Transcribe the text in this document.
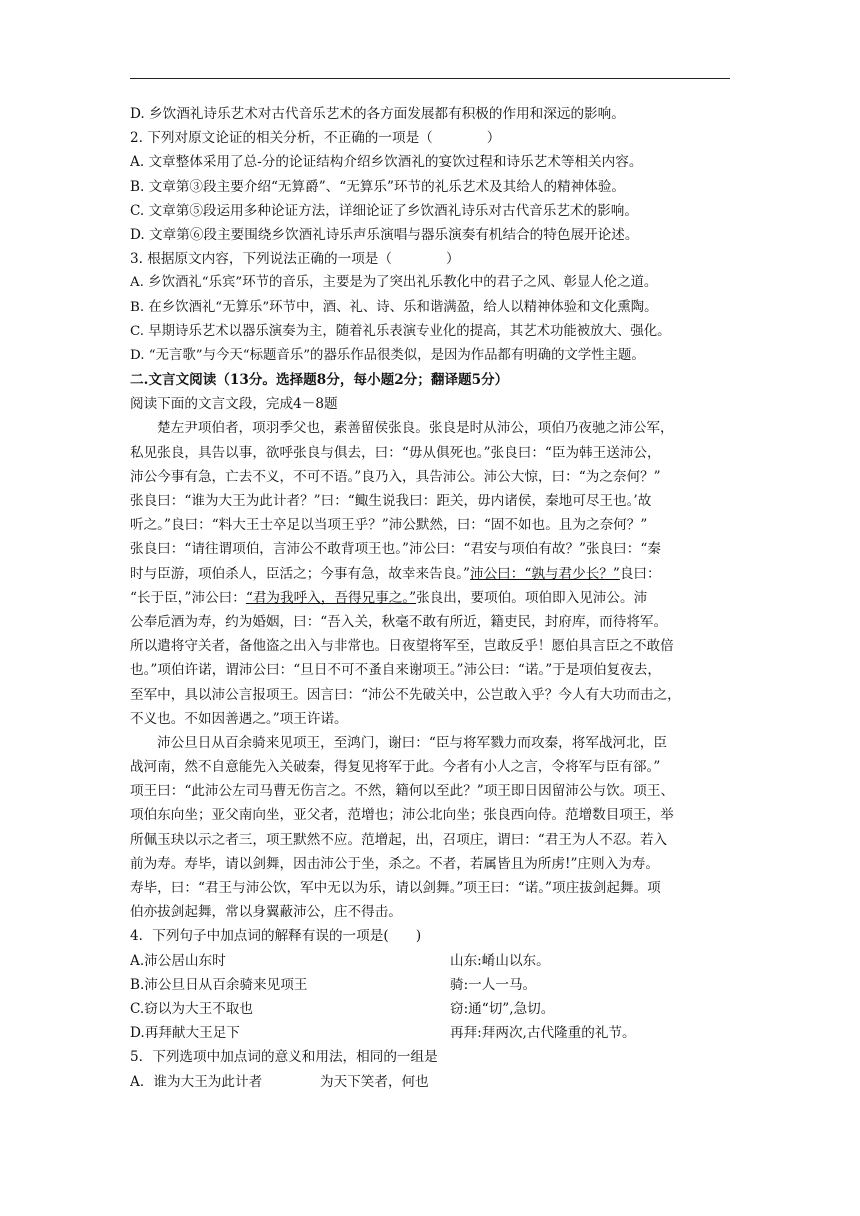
D. 乡饮酒礼诗乐艺术对古代音乐艺术的各方面发展都有积极的作用和深远的影响。
2. 下列对原文论证的相关分析，不正确的一项是（	）
A. 文章整体采用了总-分的论证结构介绍乡饮酒礼的宴饮过程和诗乐艺术等相关内容。
B. 文章第③段主要介绍“无算爵”、“无算乐”环节的礼乐艺术及其给人的精神体验。
C. 文章第⑤段运用多种论证方法，详细论证了乡饮酒礼诗乐对古代音乐艺术的影响。
D. 文章第⑥段主要围绕乡饮酒礼诗乐声乐演唱与器乐演奏有机结合的特色展开论述。
3. 根据原文内容，下列说法正确的一项是（	）
A. 乡饮酒礼“乐宾”环节的音乐，主要是为了突出礼乐教化中的君子之风、彰显人伦之道。
B. 在乡饮酒礼“无算乐”环节中，酒、礼、诗、乐和谐满盈，给人以精神体验和文化熏陶。
C. 早期诗乐艺术以器乐演奏为主，随着礼乐表演专业化的提高，其艺术功能被放大、强化。
D. “无言歌”与今天“标题音乐”的器乐作品很类似，是因为作品都有明确的文学性主题。
二.文言文阅读（13分。选择题8分，每小题2分；翻译题5分）
阅读下面的文言文段，完成4－8题
楚左尹项伯者，项羽季父也，素善留侯张良。张良是时从沛公，项伯乃夜驰之沛公军，
私见张良，具告以事，欲呼张良与俱去，曰：“毋从俱死也。”张良曰：“臣为韩王送沛公，
沛公今事有急，亡去不义，不可不语。”良乃入，具告沛公。沛公大惊，曰：“为之奈何？”
张良曰：“谁为大王为此计者？”曰：“鲰生说我曰：距关，毋内诸侯，秦地可尽王也。’故
听之。”良曰：“料大王士卒足以当项王乎？”沛公默然，曰：“固不如也。且为之奈何？”
张良曰：“请往谓项伯，言沛公不敢背项王也。”沛公曰：“君安与项伯有故？”张良曰：“秦
时与臣游，项伯杀人，臣活之；今事有急，故幸来告良。”沛公曰：“孰与君少长？”良曰：
“长于臣，”沛公曰：“君为我呼入，吾得兄事之。”张良出，要项伯。项伯即入见沛公。沛
公奉卮酒为寿，约为婚姻，曰：“吾入关，秋毫不敢有所近，籍吏民，封府库，而待将军。
所以遣将守关者，备他盗之出入与非常也。日夜望将军至，岂敢反乎！愿伯具言臣之不敢倍
也。”项伯许诺，谓沛公曰：“旦日不可不蚤自来谢项王。”沛公曰：“诺。”于是项伯复夜去，
至军中，具以沛公言报项王。因言曰：“沛公不先破关中，公岂敢入乎？今人有大功而击之，
不义也。不如因善遇之。”项王许诺。
沛公旦日从百余骑来见项王，至鸿门，谢曰：“臣与将军戮力而攻秦，将军战河北，臣
战河南，然不自意能先入关破秦，得复见将军于此。今者有小人之言，令将军与臣有郤。”
项王曰：“此沛公左司马曹无伤言之。不然，籍何以至此？”项王即日因留沛公与饮。项王、
项伯东向坐；亚父南向坐，亚父者，范增也；沛公北向坐；张良西向侍。范增数目项王，举
所佩玉玦以示之者三，项王默然不应。范增起，出，召项庄，谓曰：“君王为人不忍。若入
前为寿。寿毕，请以剑舞，因击沛公于坐，杀之。不者，若属皆且为所虏!”庄则入为寿。
寿毕，曰：“君王与沛公饮，军中无以为乐，请以剑舞。”项王曰：“诺。”项庄拔剑起舞。项
伯亦拔剑起舞，常以身翼蔽沛公，庄不得击。
4．下列句子中加点词的解释有误的一项是(　　)
A.沛公居山东时	山东:崤山以东。
B.沛公旦日从百余骑来见项王	骑:一人一马。
C.窃以为大王不取也	窃:通“切”,急切。
D.再拜献大王足下	再拜:拜两次,古代隆重的礼节。
5．下列选项中加点词的意义和用法，相同的一组是
A．谁为大王为此计者	为天下笑者，何也
